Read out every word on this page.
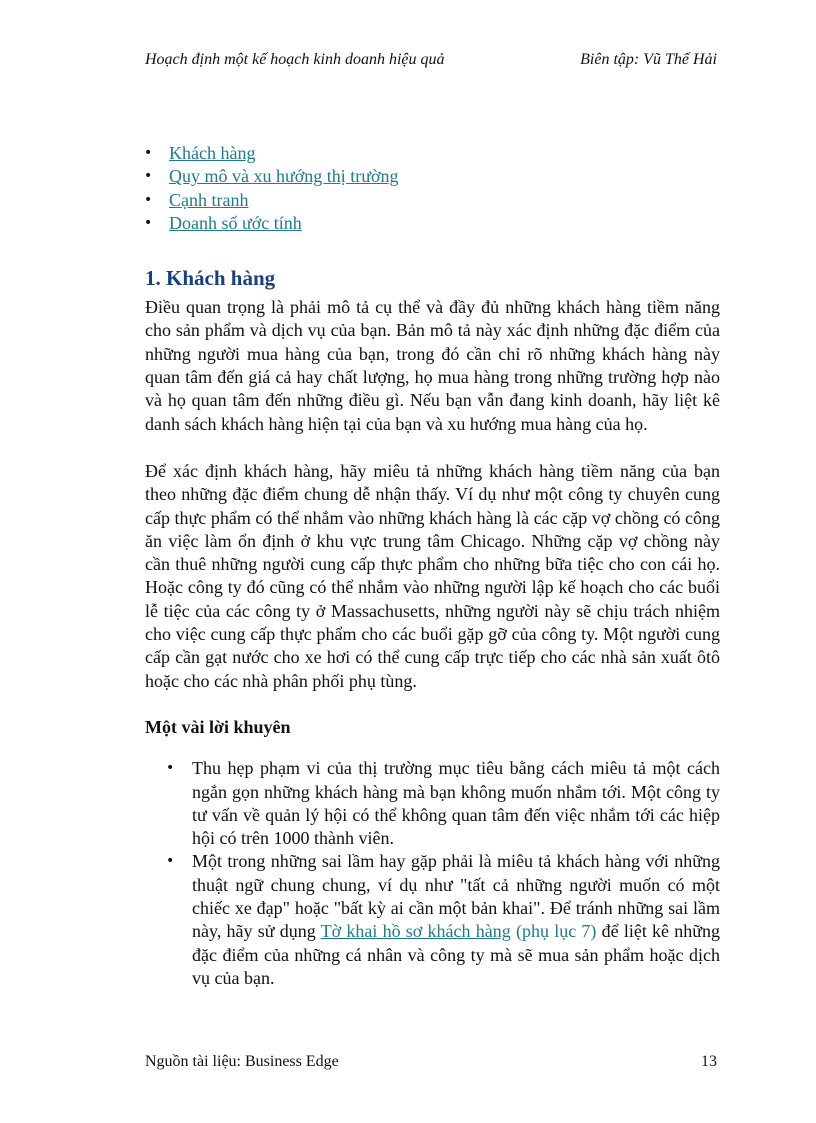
Hoạch định một kế hoạch kinh doanh hiệu quả	Biên tập: Vũ Thế Hải
• Khách hàng
• Quy mô và xu hướng thị trường
• Cạnh tranh
• Doanh số ước tính
1. Khách hàng

Điều quan trọng là phải mô tả cụ thể và đầy đủ những khách hàng tiềm năng cho sản phẩm và dịch vụ của bạn. Bản mô tả này xác định những đặc điểm của những người mua hàng của bạn, trong đó cần chỉ rõ những khách hàng này quan tâm đến giá cả hay chất lượng, họ mua hàng trong những trường hợp nào và họ quan tâm đến những điều gì. Nếu bạn vẫn đang kinh doanh, hãy liệt kê danh sách khách hàng hiện tại của bạn và xu hướng mua hàng của họ.

Để xác định khách hàng, hãy miêu tả những khách hàng tiềm năng của bạn theo những đặc điểm chung dễ nhận thấy. Ví dụ như một công ty chuyên cung cấp thực phẩm có thể nhắm vào những khách hàng là các cặp vợ chồng có công ăn việc làm ổn định ở khu vực trung tâm Chicago. Những cặp vợ chồng này cần thuê những người cung cấp thực phẩm cho những bữa tiệc cho con cái họ. Hoặc công ty đó cũng có thể nhắm vào những người lập kế hoạch cho các buổi lễ tiệc của các công ty ở Massachusetts, những người này sẽ chịu trách nhiệm cho việc cung cấp thực phẩm cho các buổi gặp gỡ của công ty. Một người cung cấp cần gạt nước cho xe hơi có thể cung cấp trực tiếp cho các nhà sản xuất ôtô hoặc cho các nhà phân phối phụ tùng.

Một vài lời khuyên

• Thu hẹp phạm vi của thị trường mục tiêu bằng cách miêu tả một cách ngắn gọn những khách hàng mà bạn không muốn nhắm tới. Một công ty tư vấn về quản lý hội có thể không quan tâm đến việc nhắm tới các hiệp hội có trên 1000 thành viên.
• Một trong những sai lầm hay gặp phải là miêu tả khách hàng với những thuật ngữ chung chung, ví dụ như "tất cả những người muốn có một chiếc xe đạp" hoặc "bất kỳ ai cần một bản khai". Để tránh những sai lầm này, hãy sử dụng Tờ khai hồ sơ khách hàng (phụ lục 7) để liệt kê những đặc điểm của những cá nhân và công ty mà sẽ mua sản phẩm hoặc dịch vụ của bạn.
Nguồn tài liệu: Business Edge	13
